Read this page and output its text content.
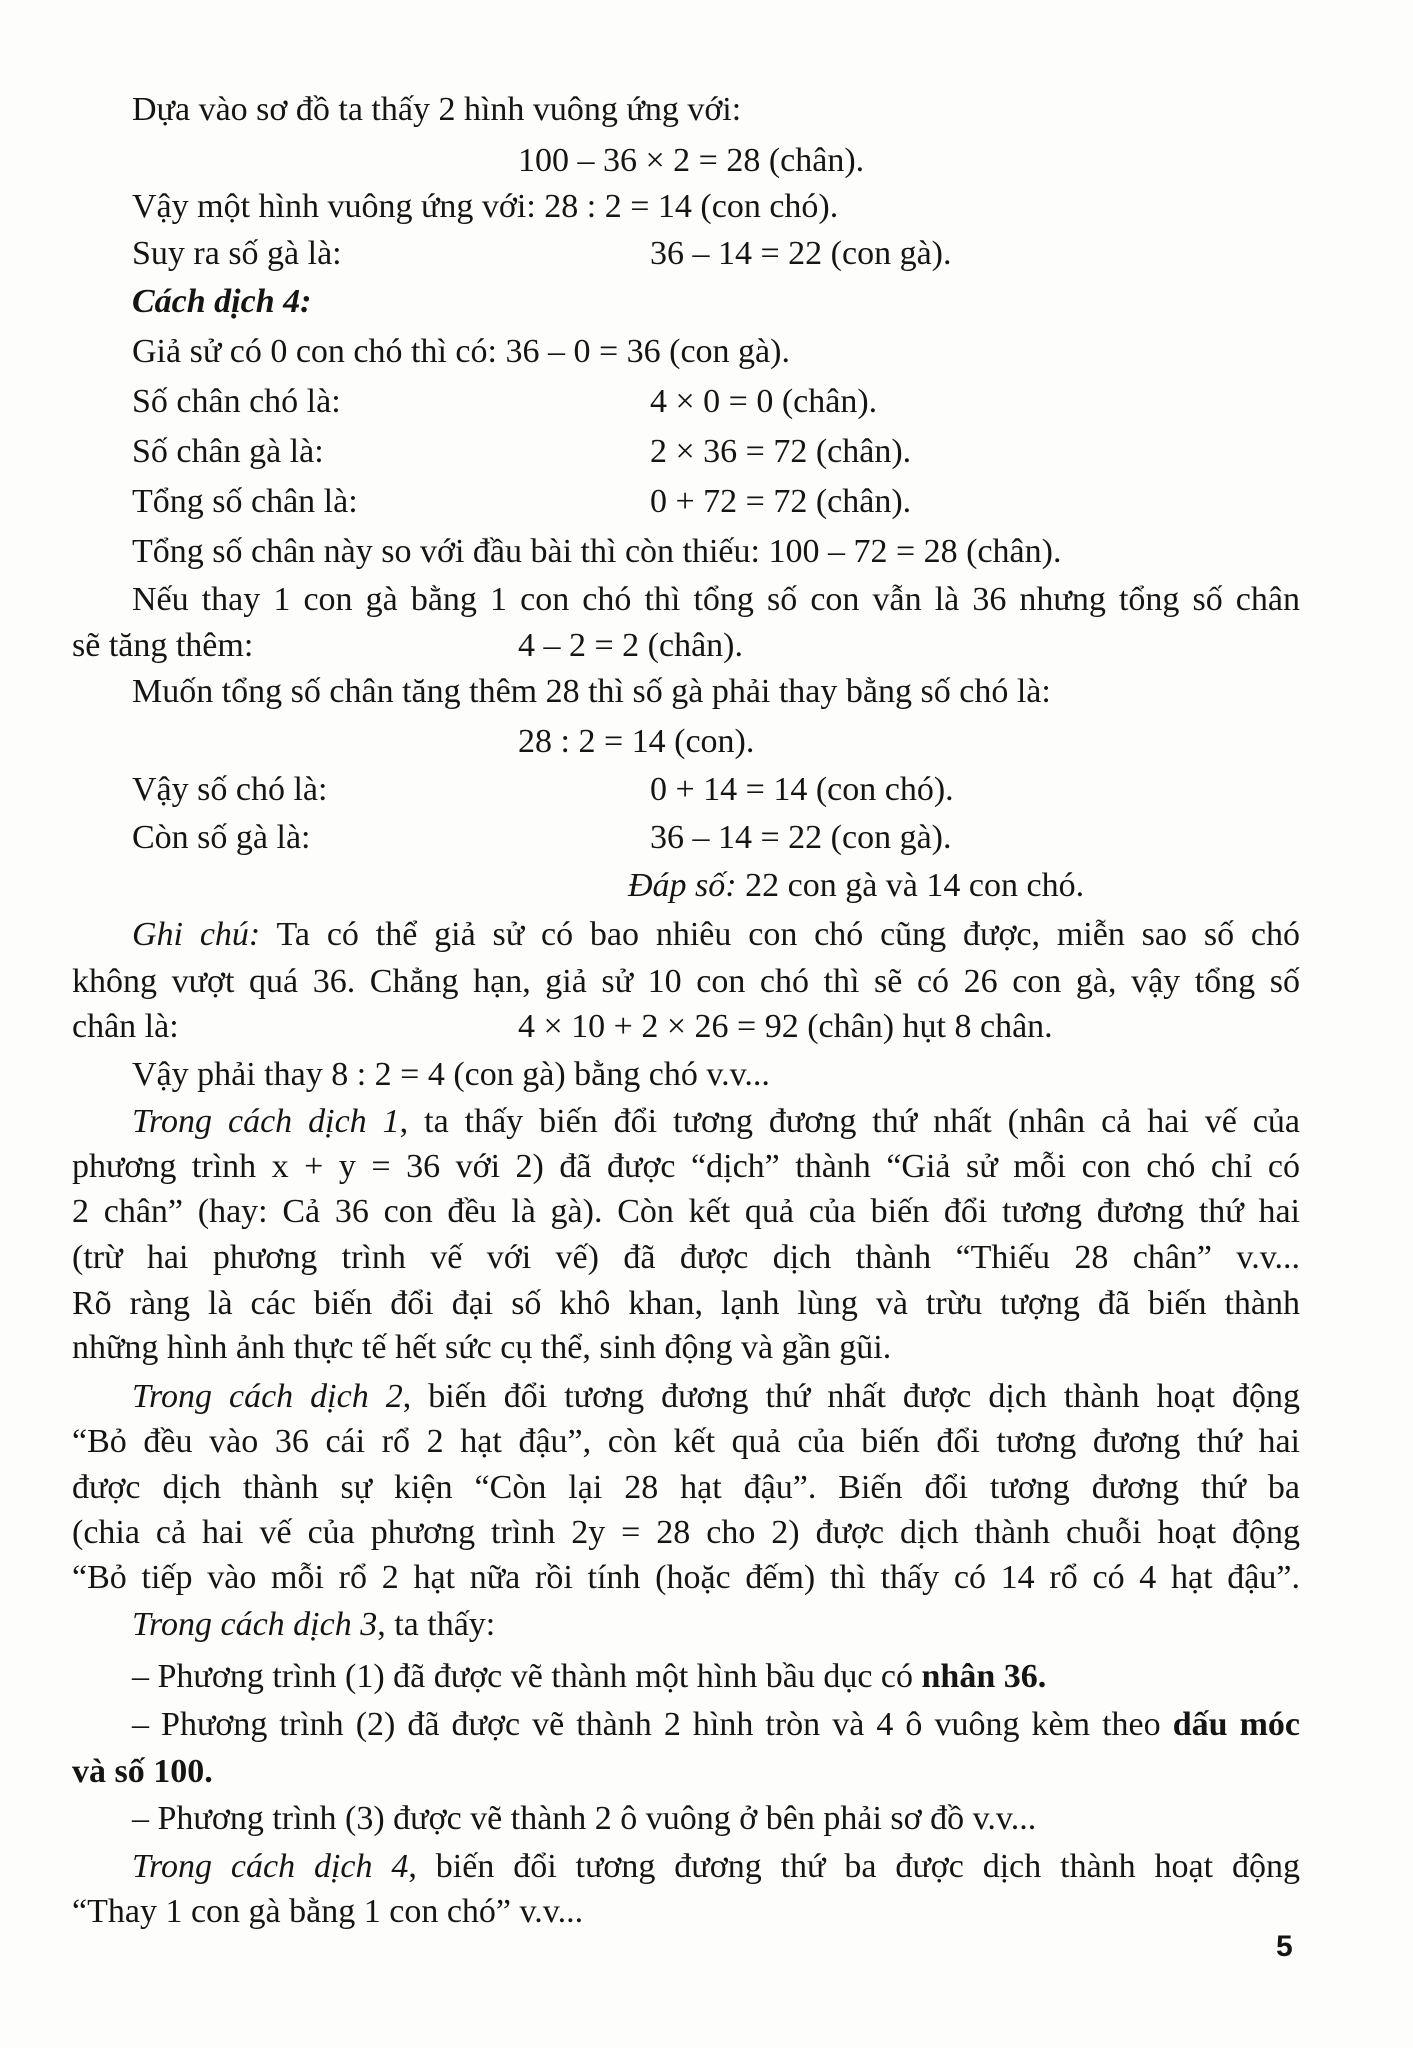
Dựa vào sơ đồ ta thấy 2 hình vuông ứng với:
100 – 36 × 2 = 28 (chân).
Vậy một hình vuông ứng với: 28 : 2 = 14 (con chó).
Suy ra số gà là:	36 – 14 = 22 (con gà).
Cách dịch 4:
Giả sử có 0 con chó thì có: 36 – 0 = 36 (con gà).
Số chân chó là:	4 × 0 = 0 (chân).
Số chân gà là:	2 × 36 = 72 (chân).
Tổng số chân là:	0 + 72 = 72 (chân).
Tổng số chân này so với đầu bài thì còn thiếu: 100 – 72 = 28 (chân).
Nếu thay 1 con gà bằng 1 con chó thì tổng số con vẫn là 36 nhưng tổng số chân
sẽ tăng thêm:	4 – 2 = 2 (chân).
Muốn tổng số chân tăng thêm 28 thì số gà phải thay bằng số chó là:
28 : 2 = 14 (con).
Vậy số chó là:	0 + 14 = 14 (con chó).
Còn số gà là:	36 – 14 = 22 (con gà).
Đáp số: 22 con gà và 14 con chó.
Ghi chú: Ta có thể giả sử có bao nhiêu con chó cũng được, miễn sao số chó
không vượt quá 36. Chẳng hạn, giả sử 10 con chó thì sẽ có 26 con gà, vậy tổng số
chân là:	4 × 10 + 2 × 26 = 92 (chân) hụt 8 chân.
Vậy phải thay 8 : 2 = 4 (con gà) bằng chó v.v...
Trong cách dịch 1, ta thấy biến đổi tương đương thứ nhất (nhân cả hai vế của
phương trình x + y = 36 với 2) đã được “dịch” thành “Giả sử mỗi con chó chỉ có
2 chân” (hay: Cả 36 con đều là gà). Còn kết quả của biến đổi tương đương thứ hai
(trừ hai phương trình vế với vế) đã được dịch thành “Thiếu 28 chân” v.v...
Rõ ràng là các biến đổi đại số khô khan, lạnh lùng và trừu tượng đã biến thành
những hình ảnh thực tế hết sức cụ thể, sinh động và gần gũi.
Trong cách dịch 2, biến đổi tương đương thứ nhất được dịch thành hoạt động
“Bỏ đều vào 36 cái rổ 2 hạt đậu”, còn kết quả của biến đổi tương đương thứ hai
được dịch thành sự kiện “Còn lại 28 hạt đậu”. Biến đổi tương đương thứ ba
(chia cả hai vế của phương trình 2y = 28 cho 2) được dịch thành chuỗi hoạt động
“Bỏ tiếp vào mỗi rổ 2 hạt nữa rồi tính (hoặc đếm) thì thấy có 14 rổ có 4 hạt đậu”.
Trong cách dịch 3, ta thấy:
– Phương trình (1) đã được vẽ thành một hình bầu dục có nhân 36.
– Phương trình (2) đã được vẽ thành 2 hình tròn và 4 ô vuông kèm theo dấu móc
và số 100.
– Phương trình (3) được vẽ thành 2 ô vuông ở bên phải sơ đồ v.v...
Trong cách dịch 4, biến đổi tương đương thứ ba được dịch thành hoạt động
“Thay 1 con gà bằng 1 con chó” v.v...
5
